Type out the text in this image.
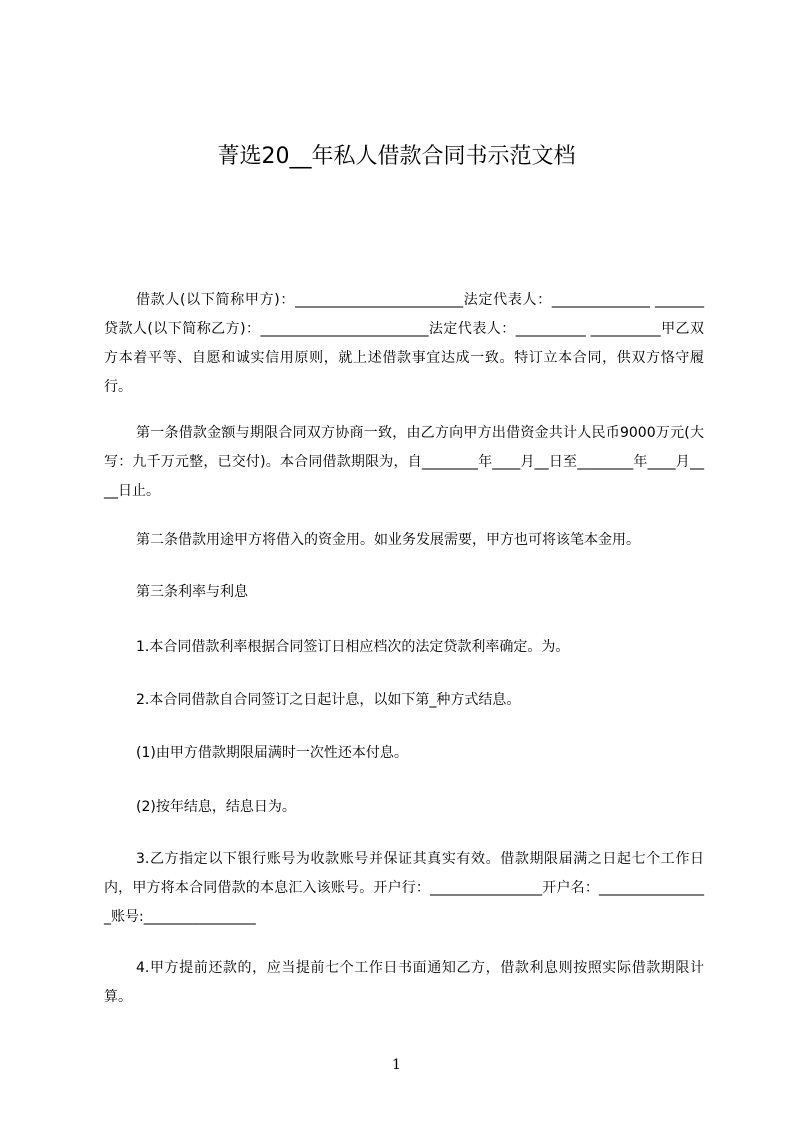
菁选20__年私人借款合同书示范文档

借款人(以下简称甲方)：________________________法定代表人：______________ _______贷款人(以下简称乙方)：________________________法定代表人：__________ __________甲乙双方本着平等、自愿和诚实信用原则，就上述借款事宜达成一致。特订立本合同，供双方恪守履行。

第一条借款金额与期限合同双方协商一致，由乙方向甲方出借资金共计人民币9000万元(大写：九千万元整，已交付)。本合同借款期限为，自________年____月__日至________年____月____日止。

第二条借款用途甲方将借入的资金用。如业务发展需要，甲方也可将该笔本金用。

第三条利率与利息

1.本合同借款利率根据合同签订日相应档次的法定贷款利率确定。为。

2.本合同借款自合同签订之日起计息，以如下第_种方式结息。

(1)由甲方借款期限届满时一次性还本付息。

(2)按年结息，结息日为。

3.乙方指定以下银行账号为收款账号并保证其真实有效。借款期限届满之日起七个工作日内，甲方将本合同借款的本息汇入该账号。开户行：________________开户名：________________账号:________________

4.甲方提前还款的，应当提前七个工作日书面通知乙方，借款利息则按照实际借款期限计算。

1
